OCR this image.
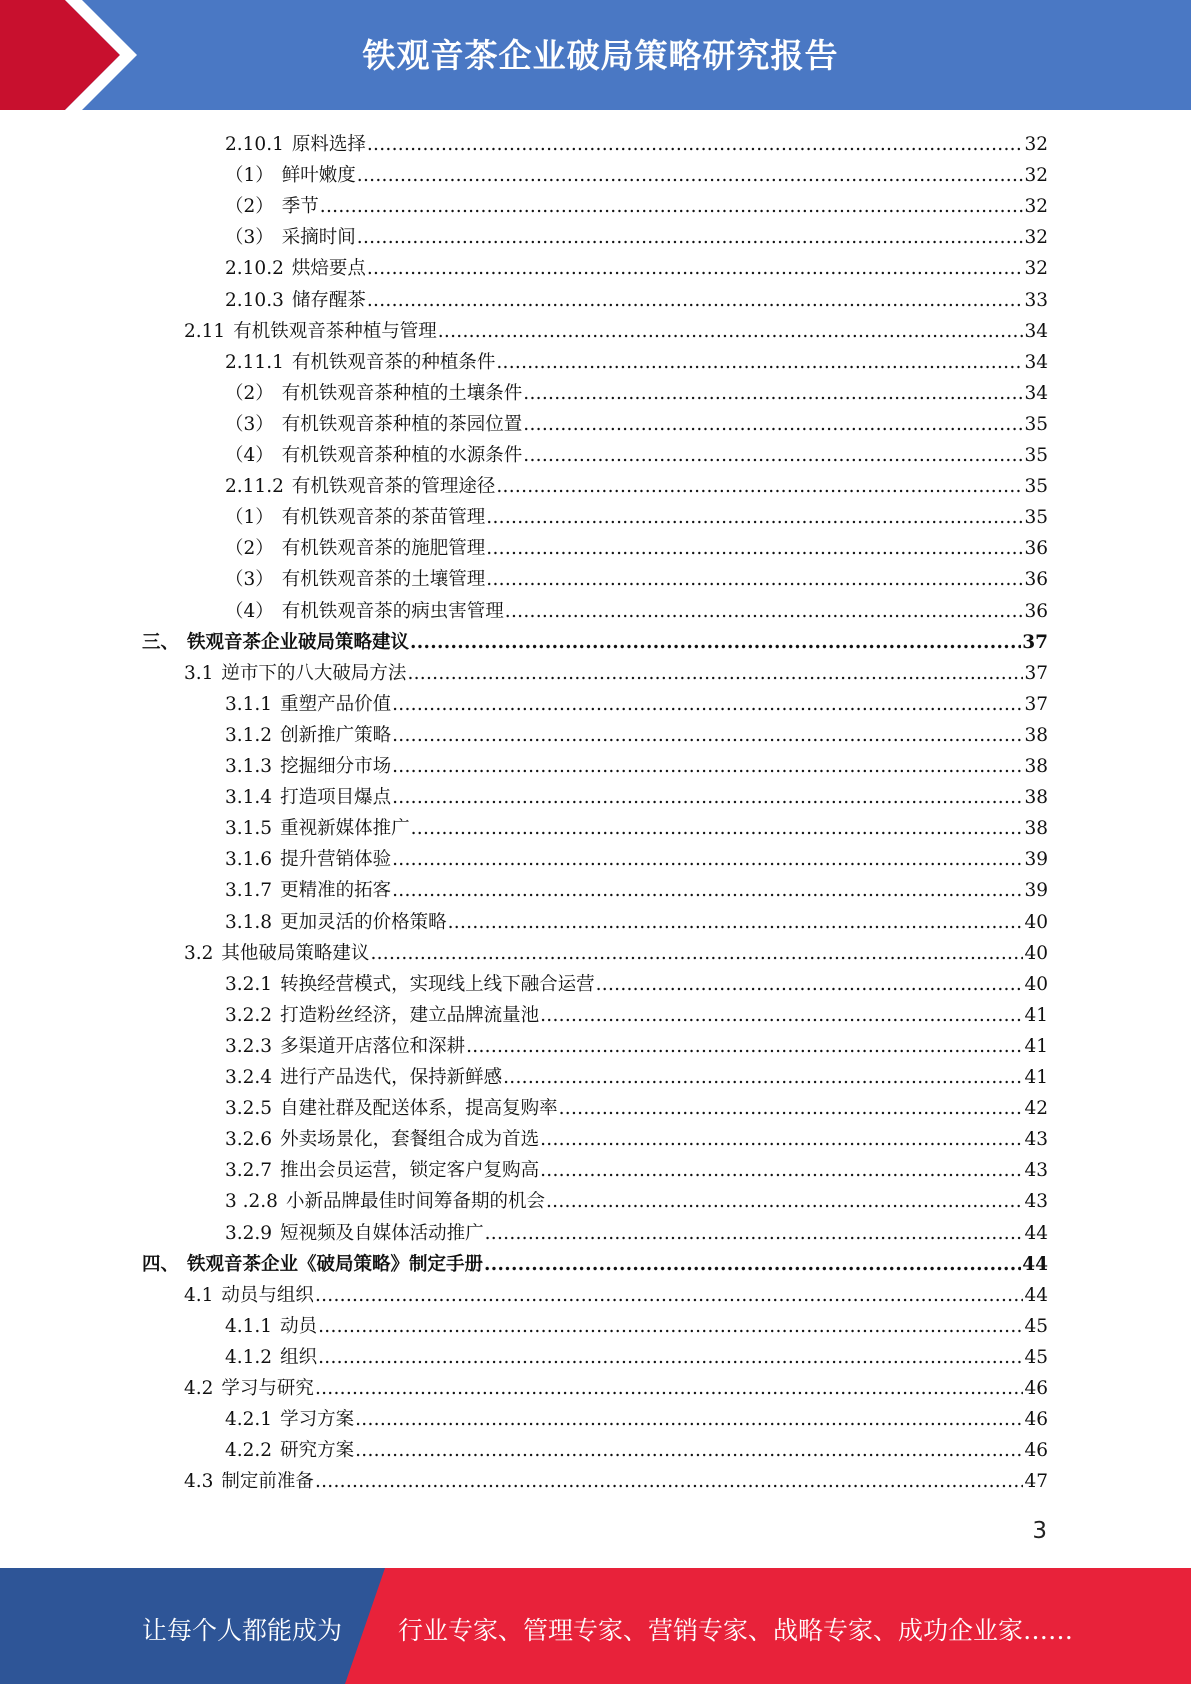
铁观音茶企业破局策略研究报告
2.10.1 原料选择 .....	32
（1） 鲜叶嫩度 .....	32
（2） 季节 .....	32
（3） 采摘时间 .....	32
2.10.2 烘焙要点 .....	32
2.10.3 储存醒茶 .....	33
2.11 有机铁观音茶种植与管理 .....	34
2.11.1 有机铁观音茶的种植条件 .....	34
（2） 有机铁观音茶种植的土壤条件 .....	34
（3） 有机铁观音茶种植的茶园位置 .....	35
（4） 有机铁观音茶种植的水源条件 .....	35
2.11.2 有机铁观音茶的管理途径 .....	35
（1） 有机铁观音茶的茶苗管理 .....	35
（2） 有机铁观音茶的施肥管理 .....	36
（3） 有机铁观音茶的土壤管理 .....	36
（4） 有机铁观音茶的病虫害管理 .....	36
三、 铁观音茶企业破局策略建议 .....	37
3.1 逆市下的八大破局方法 .....	37
3.1.1 重塑产品价值 .....	37
3.1.2 创新推广策略 .....	38
3.1.3 挖掘细分市场 .....	38
3.1.4 打造项目爆点 .....	38
3.1.5 重视新媒体推广 .....	38
3.1.6 提升营销体验 .....	39
3.1.7 更精准的拓客 .....	39
3.1.8 更加灵活的价格策略 .....	40
3.2 其他破局策略建议 .....	40
3.2.1 转换经营模式，实现线上线下融合运营 .....	40
3.2.2 打造粉丝经济，建立品牌流量池 .....	41
3.2.3 多渠道开店落位和深耕 .....	41
3.2.4 进行产品迭代，保持新鲜感 .....	41
3.2.5 自建社群及配送体系，提高复购率 .....	42
3.2.6 外卖场景化，套餐组合成为首选 .....	43
3.2.7 推出会员运营，锁定客户复购高 .....	43
3 .2.8 小新品牌最佳时间筹备期的机会 .....	43
3.2.9 短视频及自媒体活动推广 .....	44
四、 铁观音茶企业《破局策略》制定手册 .....	44
4.1 动员与组织 .....	44
4.1.1 动员 .....	45
4.1.2 组织 .....	45
4.2 学习与研究 .....	46
4.2.1 学习方案 .....	46
4.2.2 研究方案 .....	46
4.3 制定前准备 .....	47
3
让每个人都能成为 行业专家、管理专家、营销专家、战略专家、成功企业家……
